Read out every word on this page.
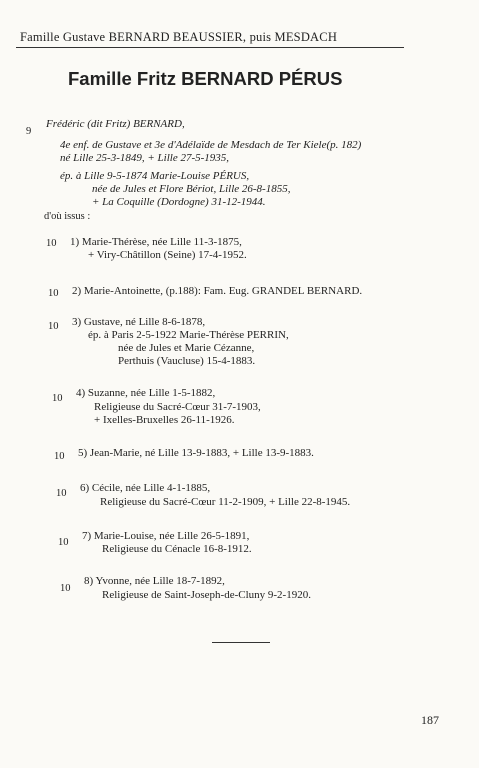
Famille Gustave BERNARD BEAUSSIER, puis MESDACH
Famille Fritz BERNARD PÉRUS
9
Frédéric (dit Fritz) BERNARD,
4e enf. de Gustave et 3e d'Adélaïde de Mesdach de Ter Kiele(p. 182)
né Lille 25-3-1849, + Lille 27-5-1935,
ép. à Lille 9-5-1874 Marie-Louise PÉRUS,
née de Jules et Flore Bériot, Lille 26-8-1855,
+ La Coquille (Dordogne) 31-12-1944.
d'où issus :
10 1) Marie-Thérèse, née Lille 11-3-1875,
+ Viry-Châtillon (Seine) 17-4-1952.
10 2) Marie-Antoinette, (p.188): Fam. Eug. GRANDEL BERNARD.
10 3) Gustave, né Lille 8-6-1878,
ép. à Paris 2-5-1922 Marie-Thérèse PERRIN,
née de Jules et Marie Cézanne,
Perthuis (Vaucluse) 15-4-1883.
10 4) Suzanne, née Lille 1-5-1882,
Religieuse du Sacré-Cœur 31-7-1903,
+ Ixelles-Bruxelles 26-11-1926.
10 5) Jean-Marie, né Lille 13-9-1883, + Lille 13-9-1883.
10 6) Cécile, née Lille 4-1-1885,
Religieuse du Sacré-Cœur 11-2-1909, + Lille 22-8-1945.
10
7) Marie-Louise, née Lille 26-5-1891,
Religieuse du Cénacle 16-8-1912.
10
8) Yvonne, née Lille 18-7-1892,
Religieuse de Saint-Joseph-de-Cluny 9-2-1920.
187
